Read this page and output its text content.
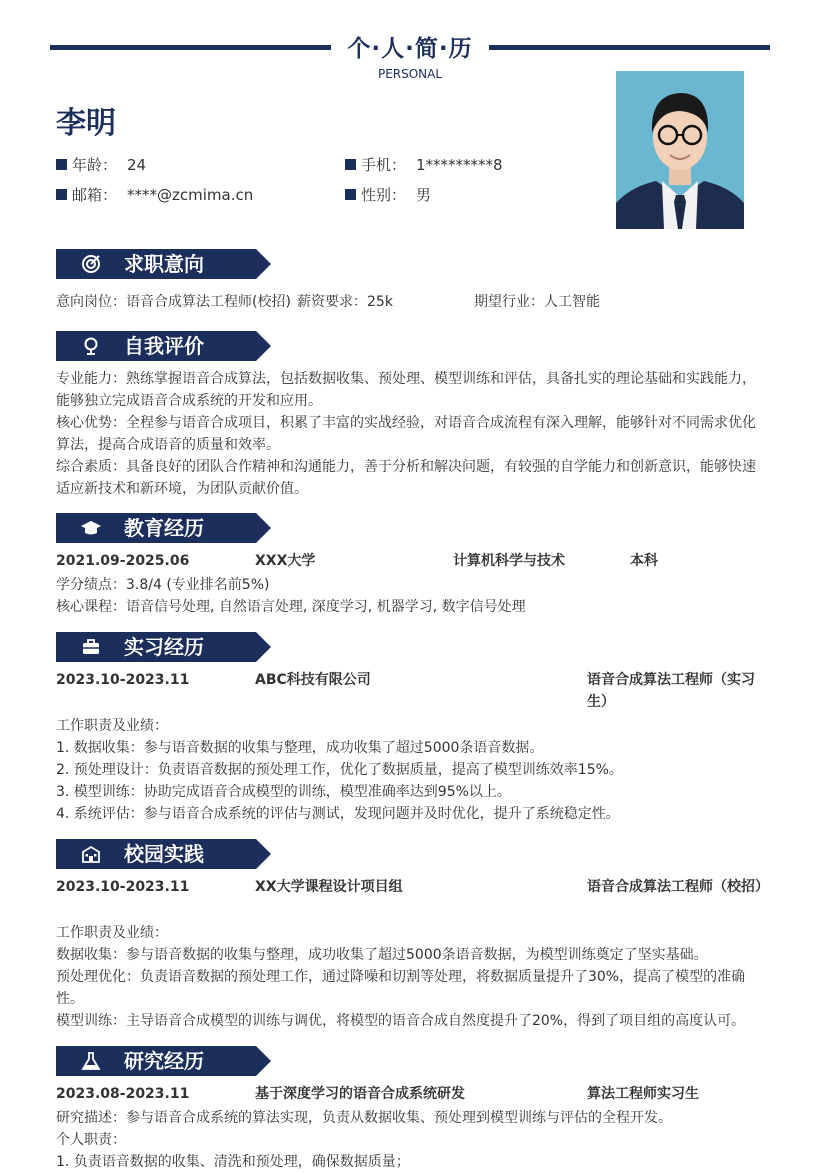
个·人·简·历
PERSONAL
李明
年龄： 24	手机： 1*********8
邮箱： ****@zcmima.cn	性别： 男
求职意向
意向岗位：语音合成算法工程师(校招) 薪资要求：25k	期望行业：人工智能
自我评价
专业能力：熟练掌握语音合成算法，包括数据收集、预处理、模型训练和评估，具备扎实的理论基础和实践能力，能够独立完成语音合成系统的开发和应用。
核心优势：全程参与语音合成项目，积累了丰富的实战经验，对语音合成流程有深入理解，能够针对不同需求优化算法，提高合成语音的质量和效率。
综合素质：具备良好的团队合作精神和沟通能力，善于分析和解决问题，有较强的自学能力和创新意识，能够快速适应新技术和新环境，为团队贡献价值。
教育经历
2021.09-2025.06	XXX大学	计算机科学与技术	本科
学分绩点：3.8/4 (专业排名前5%)
核心课程：语音信号处理, 自然语言处理, 深度学习, 机器学习, 数字信号处理
实习经历
2023.10-2023.11	ABC科技有限公司	语音合成算法工程师（实习生）
工作职责及业绩：
1. 数据收集：参与语音数据的收集与整理，成功收集了超过5000条语音数据。
2. 预处理设计：负责语音数据的预处理工作，优化了数据质量，提高了模型训练效率15%。
3. 模型训练：协助完成语音合成模型的训练，模型准确率达到95%以上。
4. 系统评估：参与语音合成系统的评估与测试，发现问题并及时优化，提升了系统稳定性。
校园实践
2023.10-2023.11	XX大学课程设计项目组	语音合成算法工程师（校招）
工作职责及业绩：
数据收集：参与语音数据的收集与整理，成功收集了超过5000条语音数据，为模型训练奠定了坚实基础。
预处理优化：负责语音数据的预处理工作，通过降噪和切割等处理，将数据质量提升了30%，提高了模型的准确性。
模型训练：主导语音合成模型的训练与调优，将模型的语音合成自然度提升了20%，得到了项目组的高度认可。
研究经历
2023.08-2023.11	基于深度学习的语音合成系统研发	算法工程师实习生
研究描述：参与语音合成系统的算法实现，负责从数据收集、预处理到模型训练与评估的全程开发。
个人职责：
1. 负责语音数据的收集、清洗和预处理，确保数据质量；
